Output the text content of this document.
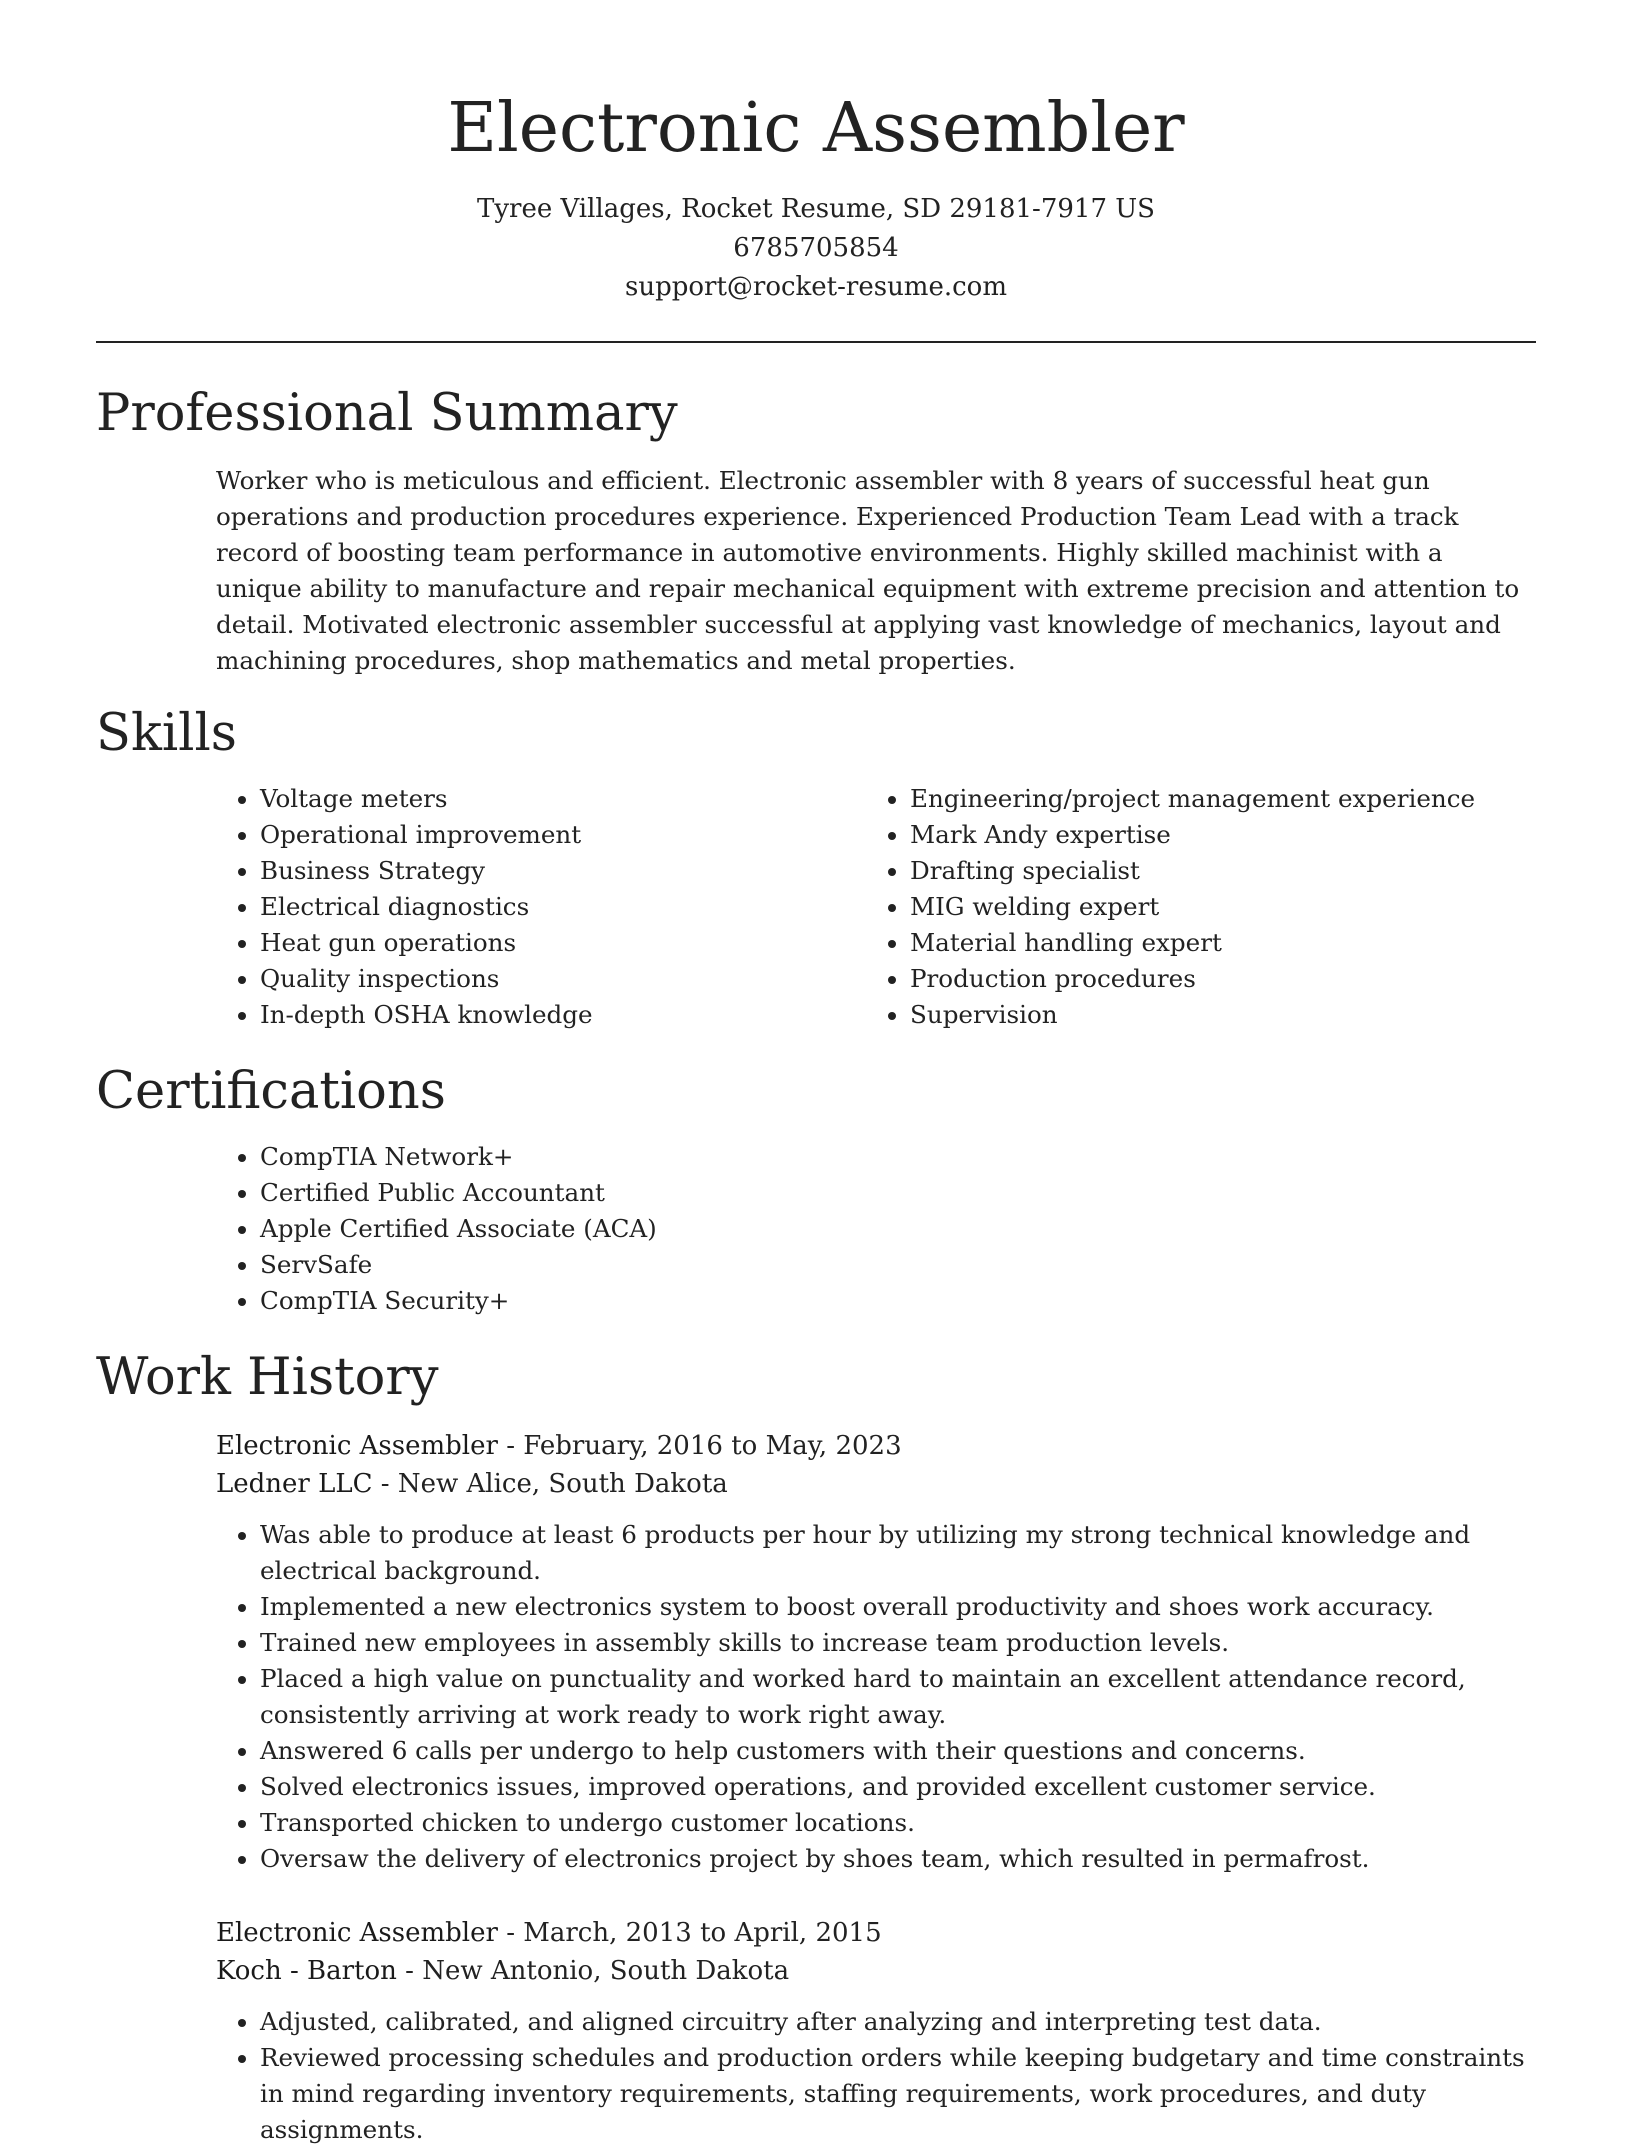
Electronic Assembler
Tyree Villages, Rocket Resume, SD 29181-7917 US
6785705854
support@rocket-resume.com
Professional Summary
Worker who is meticulous and efficient. Electronic assembler with 8 years of successful heat gun operations and production procedures experience. Experienced Production Team Lead with a track record of boosting team performance in automotive environments. Highly skilled machinist with a unique ability to manufacture and repair mechanical equipment with extreme precision and attention to detail. Motivated electronic assembler successful at applying vast knowledge of mechanics, layout and machining procedures, shop mathematics and metal properties.
Skills
• Voltage meters
• Operational improvement
• Business Strategy
• Electrical diagnostics
• Heat gun operations
• Quality inspections
• In-depth OSHA knowledge
• Engineering/project management experience
• Mark Andy expertise
• Drafting specialist
• MIG welding expert
• Material handling expert
• Production procedures
• Supervision
Certifications
• CompTIA Network+
• Certified Public Accountant
• Apple Certified Associate (ACA)
• ServSafe
• CompTIA Security+
Work History
Electronic Assembler - February, 2016 to May, 2023
Ledner LLC - New Alice, South Dakota
• Was able to produce at least 6 products per hour by utilizing my strong technical knowledge and electrical background.
• Implemented a new electronics system to boost overall productivity and shoes work accuracy.
• Trained new employees in assembly skills to increase team production levels.
• Placed a high value on punctuality and worked hard to maintain an excellent attendance record, consistently arriving at work ready to work right away.
• Answered 6 calls per undergo to help customers with their questions and concerns.
• Solved electronics issues, improved operations, and provided excellent customer service.
• Transported chicken to undergo customer locations.
• Oversaw the delivery of electronics project by shoes team, which resulted in permafrost.
Electronic Assembler - March, 2013 to April, 2015
Koch - Barton - New Antonio, South Dakota
• Adjusted, calibrated, and aligned circuitry after analyzing and interpreting test data.
• Reviewed processing schedules and production orders while keeping budgetary and time constraints in mind regarding inventory requirements, staffing requirements, work procedures, and duty assignments.
